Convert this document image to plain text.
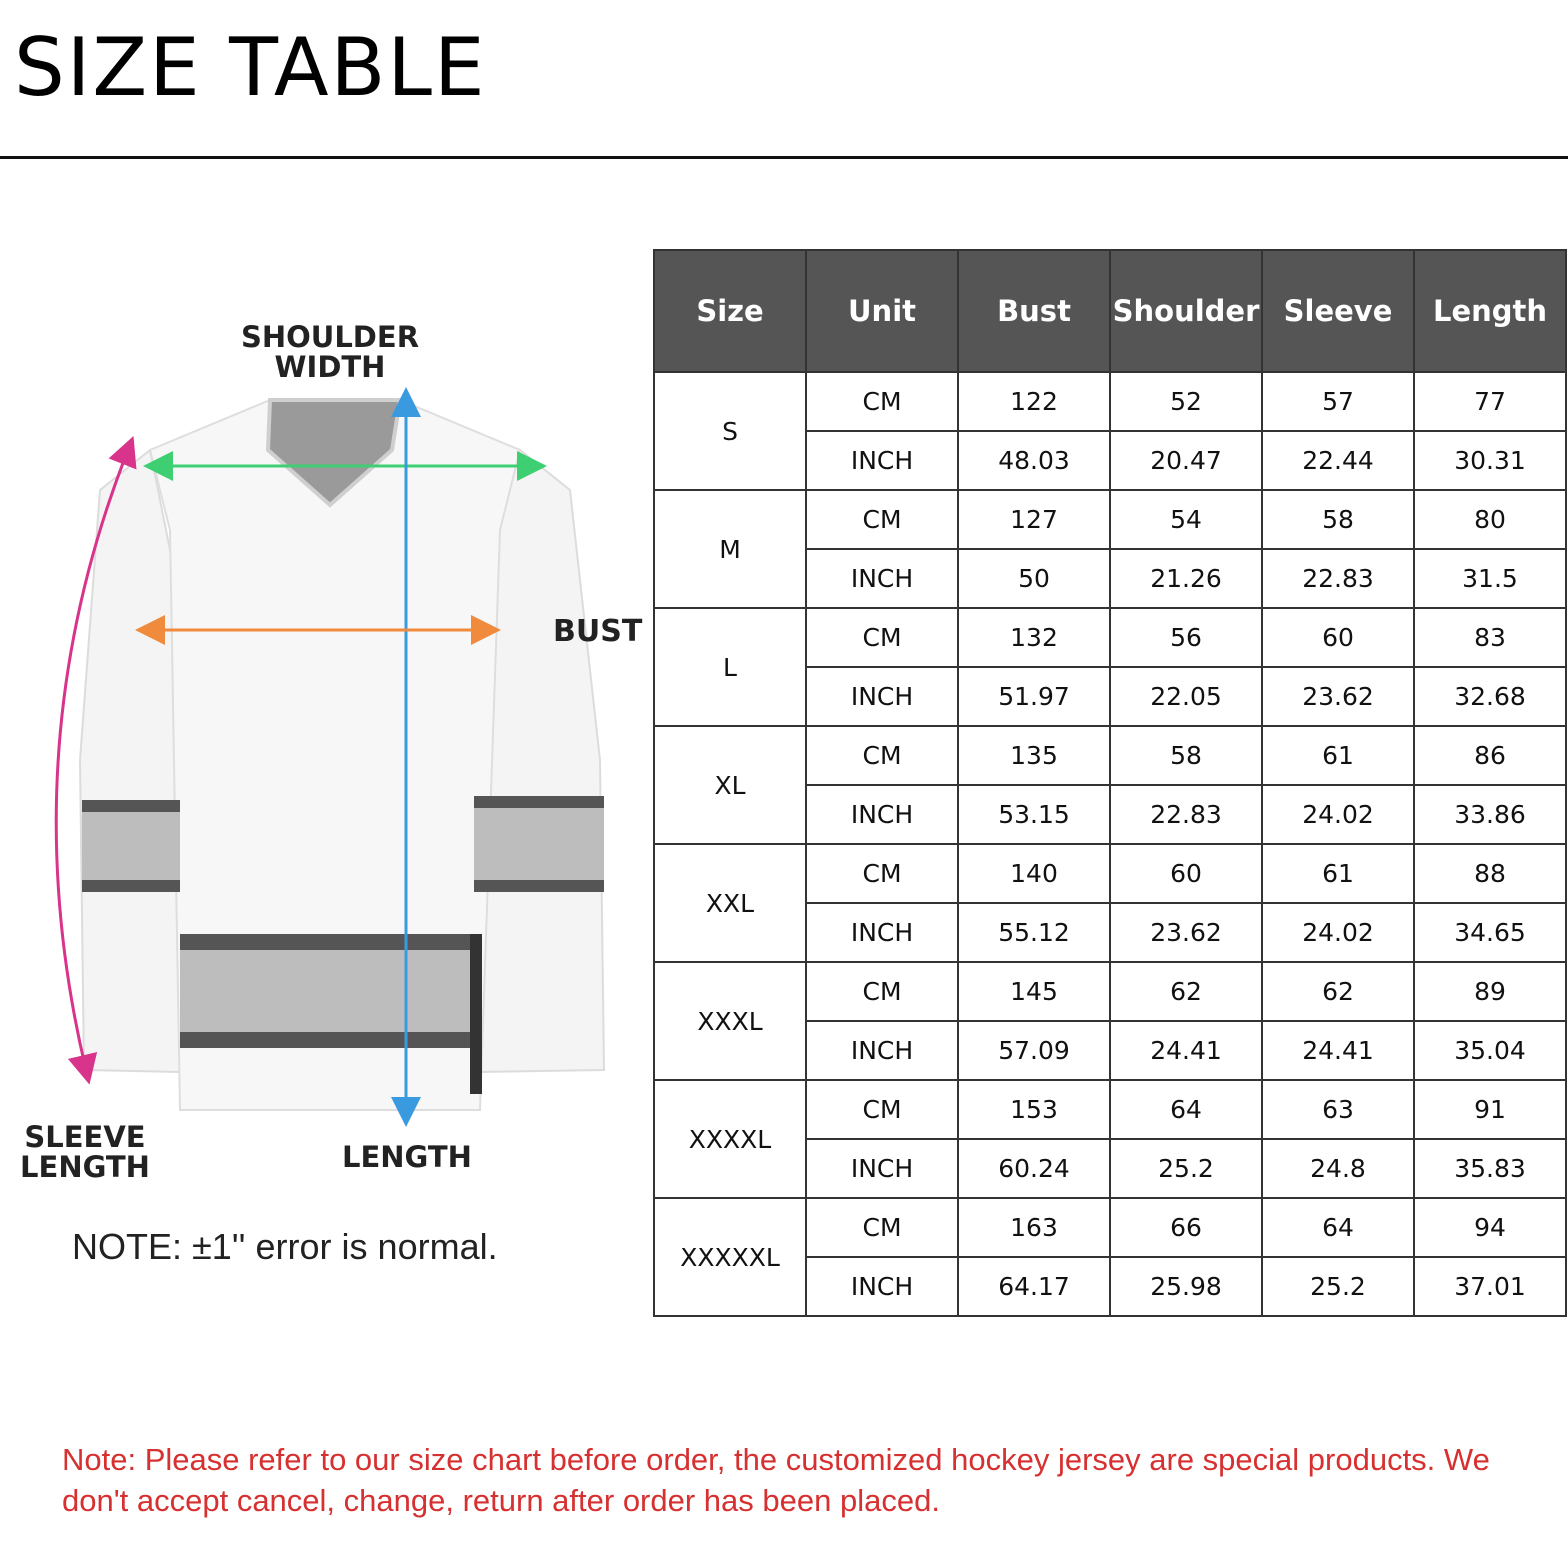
SIZE TABLE
SHOULDER WIDTH
BUST
SLEEVE LENGTH	LENGTH
NOTE: ±1'' error is normal.
Size	Unit	Bust	Shoulder	Sleeve	Length
S	CM	122	52	57	77
	INCH	48.03	20.47	22.44	30.31
M	CM	127	54	58	80
	INCH	50	21.26	22.83	31.5
L	CM	132	56	60	83
	INCH	51.97	22.05	23.62	32.68
XL	CM	135	58	61	86
	INCH	53.15	22.83	24.02	33.86
XXL	CM	140	60	61	88
	INCH	55.12	23.62	24.02	34.65
XXXL	CM	145	62	62	89
	INCH	57.09	24.41	24.41	35.04
XXXXL	CM	153	64	63	91
	INCH	60.24	25.2	24.8	35.83
XXXXXL	CM	163	66	64	94
	INCH	64.17	25.98	25.2	37.01
Note: Please refer to our size chart before order, the customized hockey jersey are special products. We don't accept cancel, change, return after order has been placed.
